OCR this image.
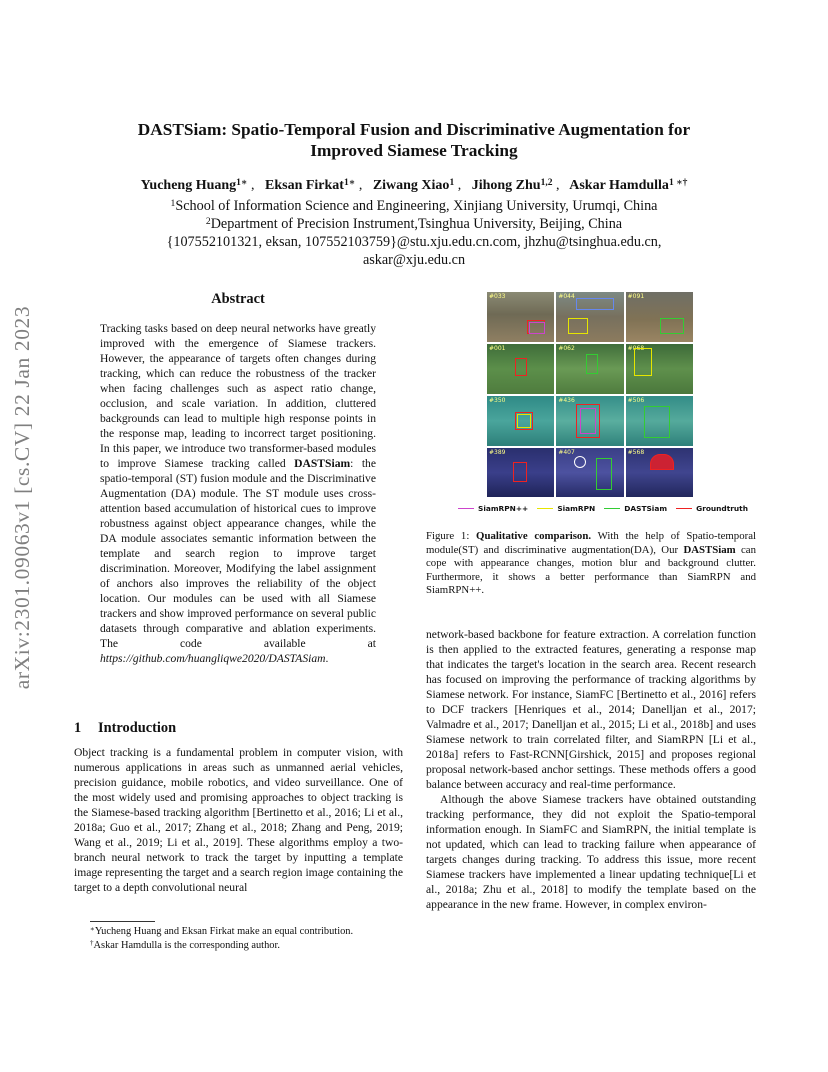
arXiv:2301.09063v1 [cs.CV] 22 Jan 2023
DASTSiam: Spatio-Temporal Fusion and Discriminative Augmentation for
Improved Siamese Tracking
Yucheng Huang$^{1∗}$ ,   Eksan Firkat$^{1∗}$ ,   Ziwang Xiao$^1$ ,   Jihong Zhu$^{1,2}$ ,   Askar Hamdulla$^{1 ∗\dagger}$
$^1$School of Information Science and Engineering, Xinjiang University, Urumqi, China
$^2$Department of Precision Instrument,Tsinghua University, Beijing, China
{107552101321, eksan, 107552103759}@stu.xju.edu.cn.com, jhzhu@tsinghua.edu.cn,
askar@xju.edu.cn
Abstract
Tracking tasks based on deep neural networks have greatly improved with the emergence of Siamese trackers. However, the appearance of targets often changes during tracking, which can reduce the robustness of the tracker when facing challenges such as aspect ratio change, occlusion, and scale variation. In addition, cluttered backgrounds can lead to multiple high response points in the response map, leading to incorrect target positioning. In this paper, we introduce two transformer-based modules to improve Siamese tracking called DASTSiam: the spatio-temporal (ST) fusion module and the Discriminative Augmentation (DA) module. The ST module uses cross-attention based accumulation of historical cues to improve robustness against object appearance changes, while the DA module associates semantic information between the template and search region to improve target discrimination. Moreover, Modifying the label assignment of anchors also improves the reliability of the object location. Our modules can be used with all Siamese trackers and show improved performance on several public datasets through comparative and ablation experiments. The code available at https://github.com/huangliqwe2020/DASTASiam.
1 Introduction
Object tracking is a fundamental problem in computer vision, with numerous applications in areas such as unmanned aerial vehicles, precision guidance, mobile robotics, and video surveillance. One of the most widely used and promising approaches to object tracking is the Siamese-based tracking algorithm [Bertinetto et al., 2016; Li et al., 2018a; Guo et al., 2017; Zhang et al., 2018; Zhang and Peng, 2019; Wang et al., 2019; Li et al., 2019]. These algorithms employ a two-branch neural network to track the target by inputting a template image representing the target and a search region image containing the target to a depth convolutional neural
∗Yucheng Huang and Eksan Firkat make an equal contribution.
†Askar Hamdulla is the corresponding author.
#033	#044	#091
#001	#062	#068
#350	#436	#506
#389	#407	#568
SiamRPN++	SiamRPN	DASTSiam	Groundtruth
Figure 1: Qualitative comparison. With the help of Spatio-temporal module(ST) and discriminative augmentation(DA), Our DASTSiam can cope with appearance changes, motion blur and background clutter. Furthermore, it shows a better performance than SiamRPN and SiamRPN++.

network-based backbone for feature extraction. A correlation function is then applied to the extracted features, generating a response map that indicates the target's location in the search area. Recent research has focused on improving the performance of tracking algorithms by Siamese network. For instance, SiamFC [Bertinetto et al., 2016] refers to DCF trackers [Henriques et al., 2014; Danelljan et al., 2017; Valmadre et al., 2017; Danelljan et al., 2015; Li et al., 2018b] and uses Siamese network to train correlated filter, and SiamRPN [Li et al., 2018a] refers to Fast-RCNN[Girshick, 2015] and proposes regional proposal network-based anchor settings. These methods offers a good balance between accuracy and real-time performance.

Although the above Siamese trackers have obtained outstanding tracking performance, they did not exploit the Spatio-temporal information enough. In SiamFC and SiamRPN, the initial template is not updated, which can lead to tracking failure when appearance of targets changes during tracking. To address this issue, more recent Siamese trackers have implemented a linear updating technique[Li et al., 2018a; Zhu et al., 2018] to modify the template based on the appearance in the new frame. However, in complex environ-
